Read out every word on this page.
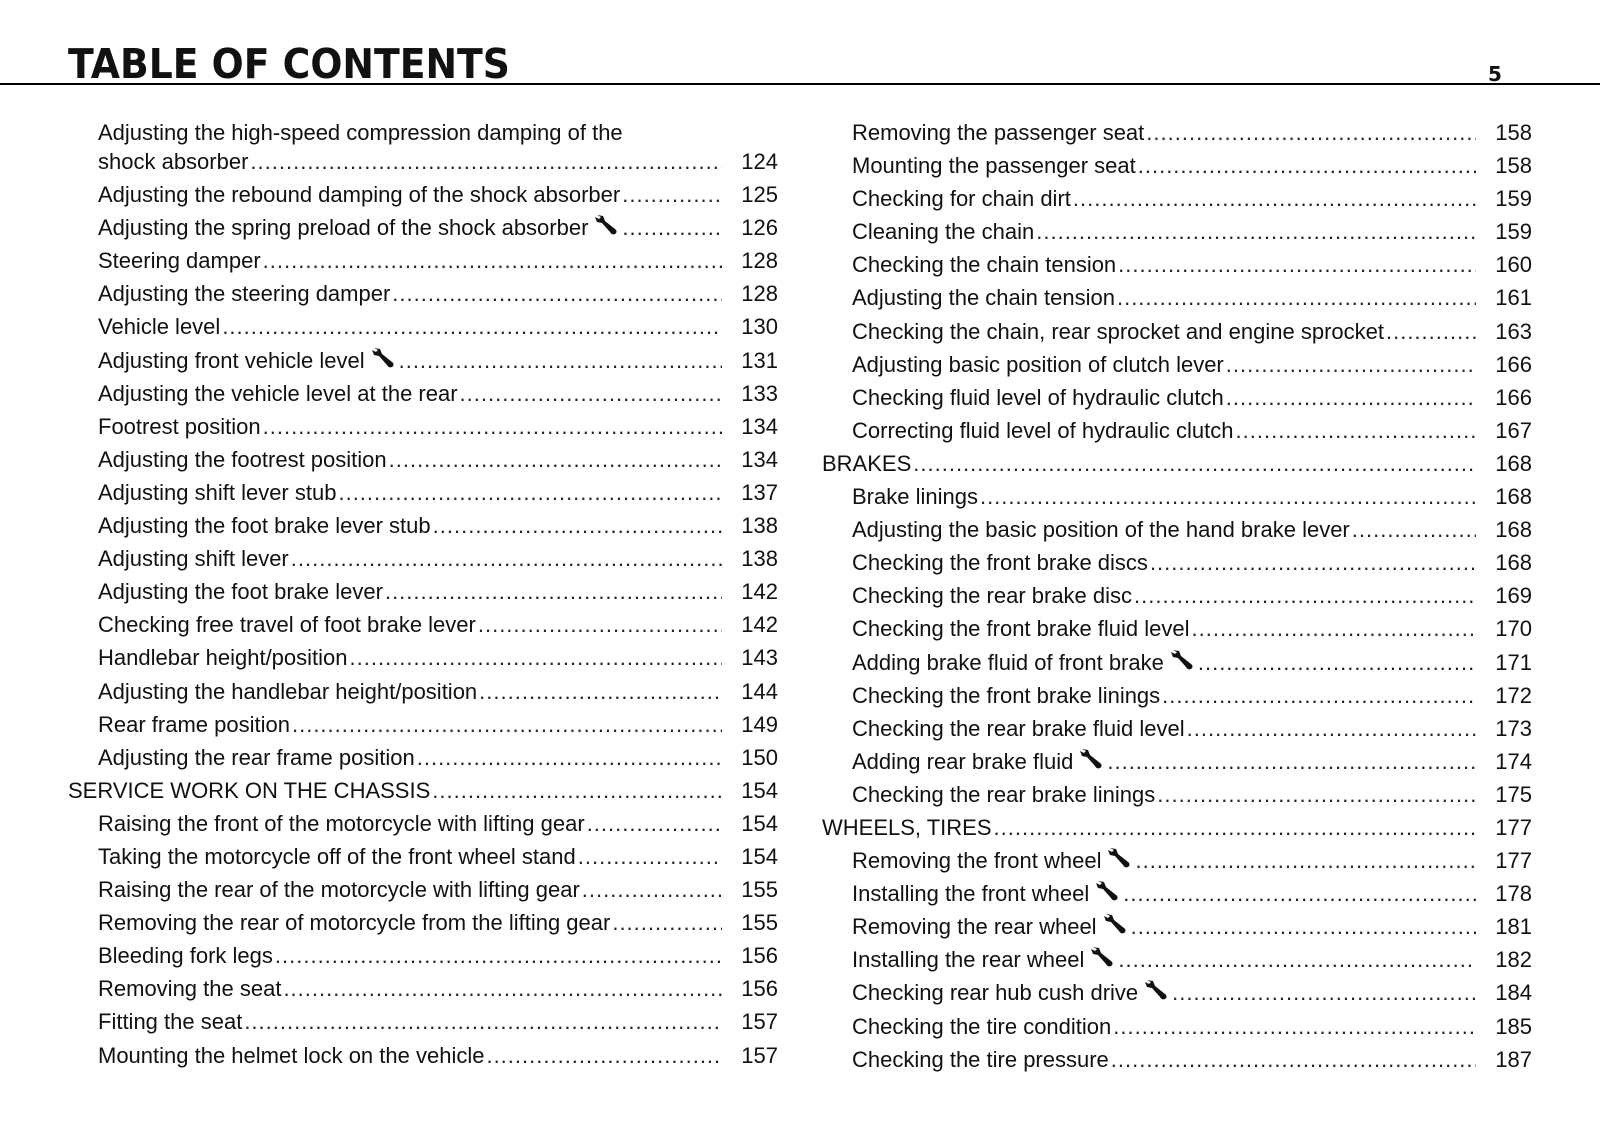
TABLE OF CONTENTS	5
Adjusting the high-speed compression damping of the
shock absorber .....	124
Adjusting the rebound damping of the shock absorber .....	125
Adjusting the spring preload of the shock absorber .....	126
Steering damper .....	128
Adjusting the steering damper .....	128
Vehicle level .....	130
Adjusting front vehicle level .....	131
Adjusting the vehicle level at the rear .....	133
Footrest position .....	134
Adjusting the footrest position .....	134
Adjusting shift lever stub .....	137
Adjusting the foot brake lever stub .....	138
Adjusting shift lever .....	138
Adjusting the foot brake lever .....	142
Checking free travel of foot brake lever .....	142
Handlebar height/position .....	143
Adjusting the handlebar height/position .....	144
Rear frame position .....	149
Adjusting the rear frame position .....	150
SERVICE WORK ON THE CHASSIS .....	154
Raising the front of the motorcycle with lifting gear .....	154
Taking the motorcycle off of the front wheel stand .....	154
Raising the rear of the motorcycle with lifting gear .....	155
Removing the rear of motorcycle from the lifting gear .....	155
Bleeding fork legs .....	156
Removing the seat .....	156
Fitting the seat .....	157
Mounting the helmet lock on the vehicle .....	157
Removing the passenger seat .....	158
Mounting the passenger seat .....	158
Checking for chain dirt .....	159
Cleaning the chain .....	159
Checking the chain tension .....	160
Adjusting the chain tension .....	161
Checking the chain, rear sprocket and engine sprocket .....	163
Adjusting basic position of clutch lever .....	166
Checking fluid level of hydraulic clutch .....	166
Correcting fluid level of hydraulic clutch .....	167
BRAKES .....	168
Brake linings .....	168
Adjusting the basic position of the hand brake lever .....	168
Checking the front brake discs .....	168
Checking the rear brake disc .....	169
Checking the front brake fluid level .....	170
Adding brake fluid of front brake .....	171
Checking the front brake linings .....	172
Checking the rear brake fluid level .....	173
Adding rear brake fluid .....	174
Checking the rear brake linings .....	175
WHEELS, TIRES .....	177
Removing the front wheel .....	177
Installing the front wheel .....	178
Removing the rear wheel .....	181
Installing the rear wheel .....	182
Checking rear hub cush drive .....	184
Checking the tire condition .....	185
Checking the tire pressure .....	187
